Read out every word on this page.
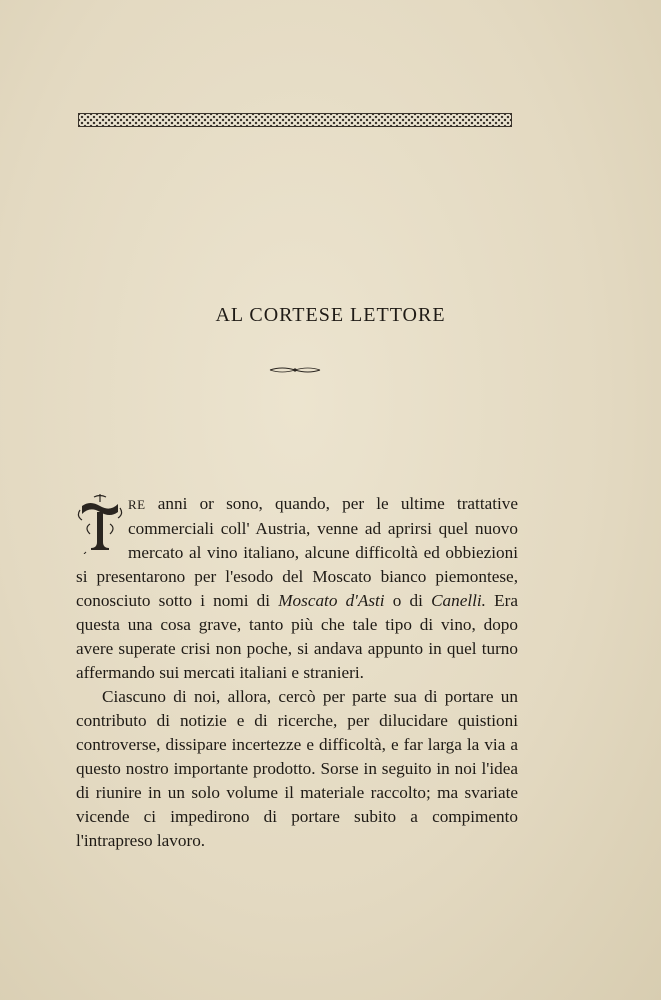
AL CORTESE LETTORE

RE anni or sono, quando, per le ultime trattative commerciali coll' Austria, venne ad aprirsi quel nuovo mercato al vino italiano, alcune difficoltà ed obbiezioni si presentarono per l'esodo del Moscato bianco piemontese, conosciuto sotto i nomi di Moscato d'Asti o di Canelli. Era questa una cosa grave, tanto più che tale tipo di vino, dopo avere superate crisi non poche, si andava appunto in quel turno affermando sui mercati italiani e stranieri.

Ciascuno di noi, allora, cercò per parte sua di portare un contributo di notizie e di ricerche, per dilucidare quistioni controverse, dissipare incertezze e difficoltà, e far larga la via a questo nostro importante prodotto. Sorse in seguito in noi l'idea di riunire in un solo volume il materiale raccolto; ma svariate vicende ci impedirono di portare subito a compimento l'intrapreso lavoro.
